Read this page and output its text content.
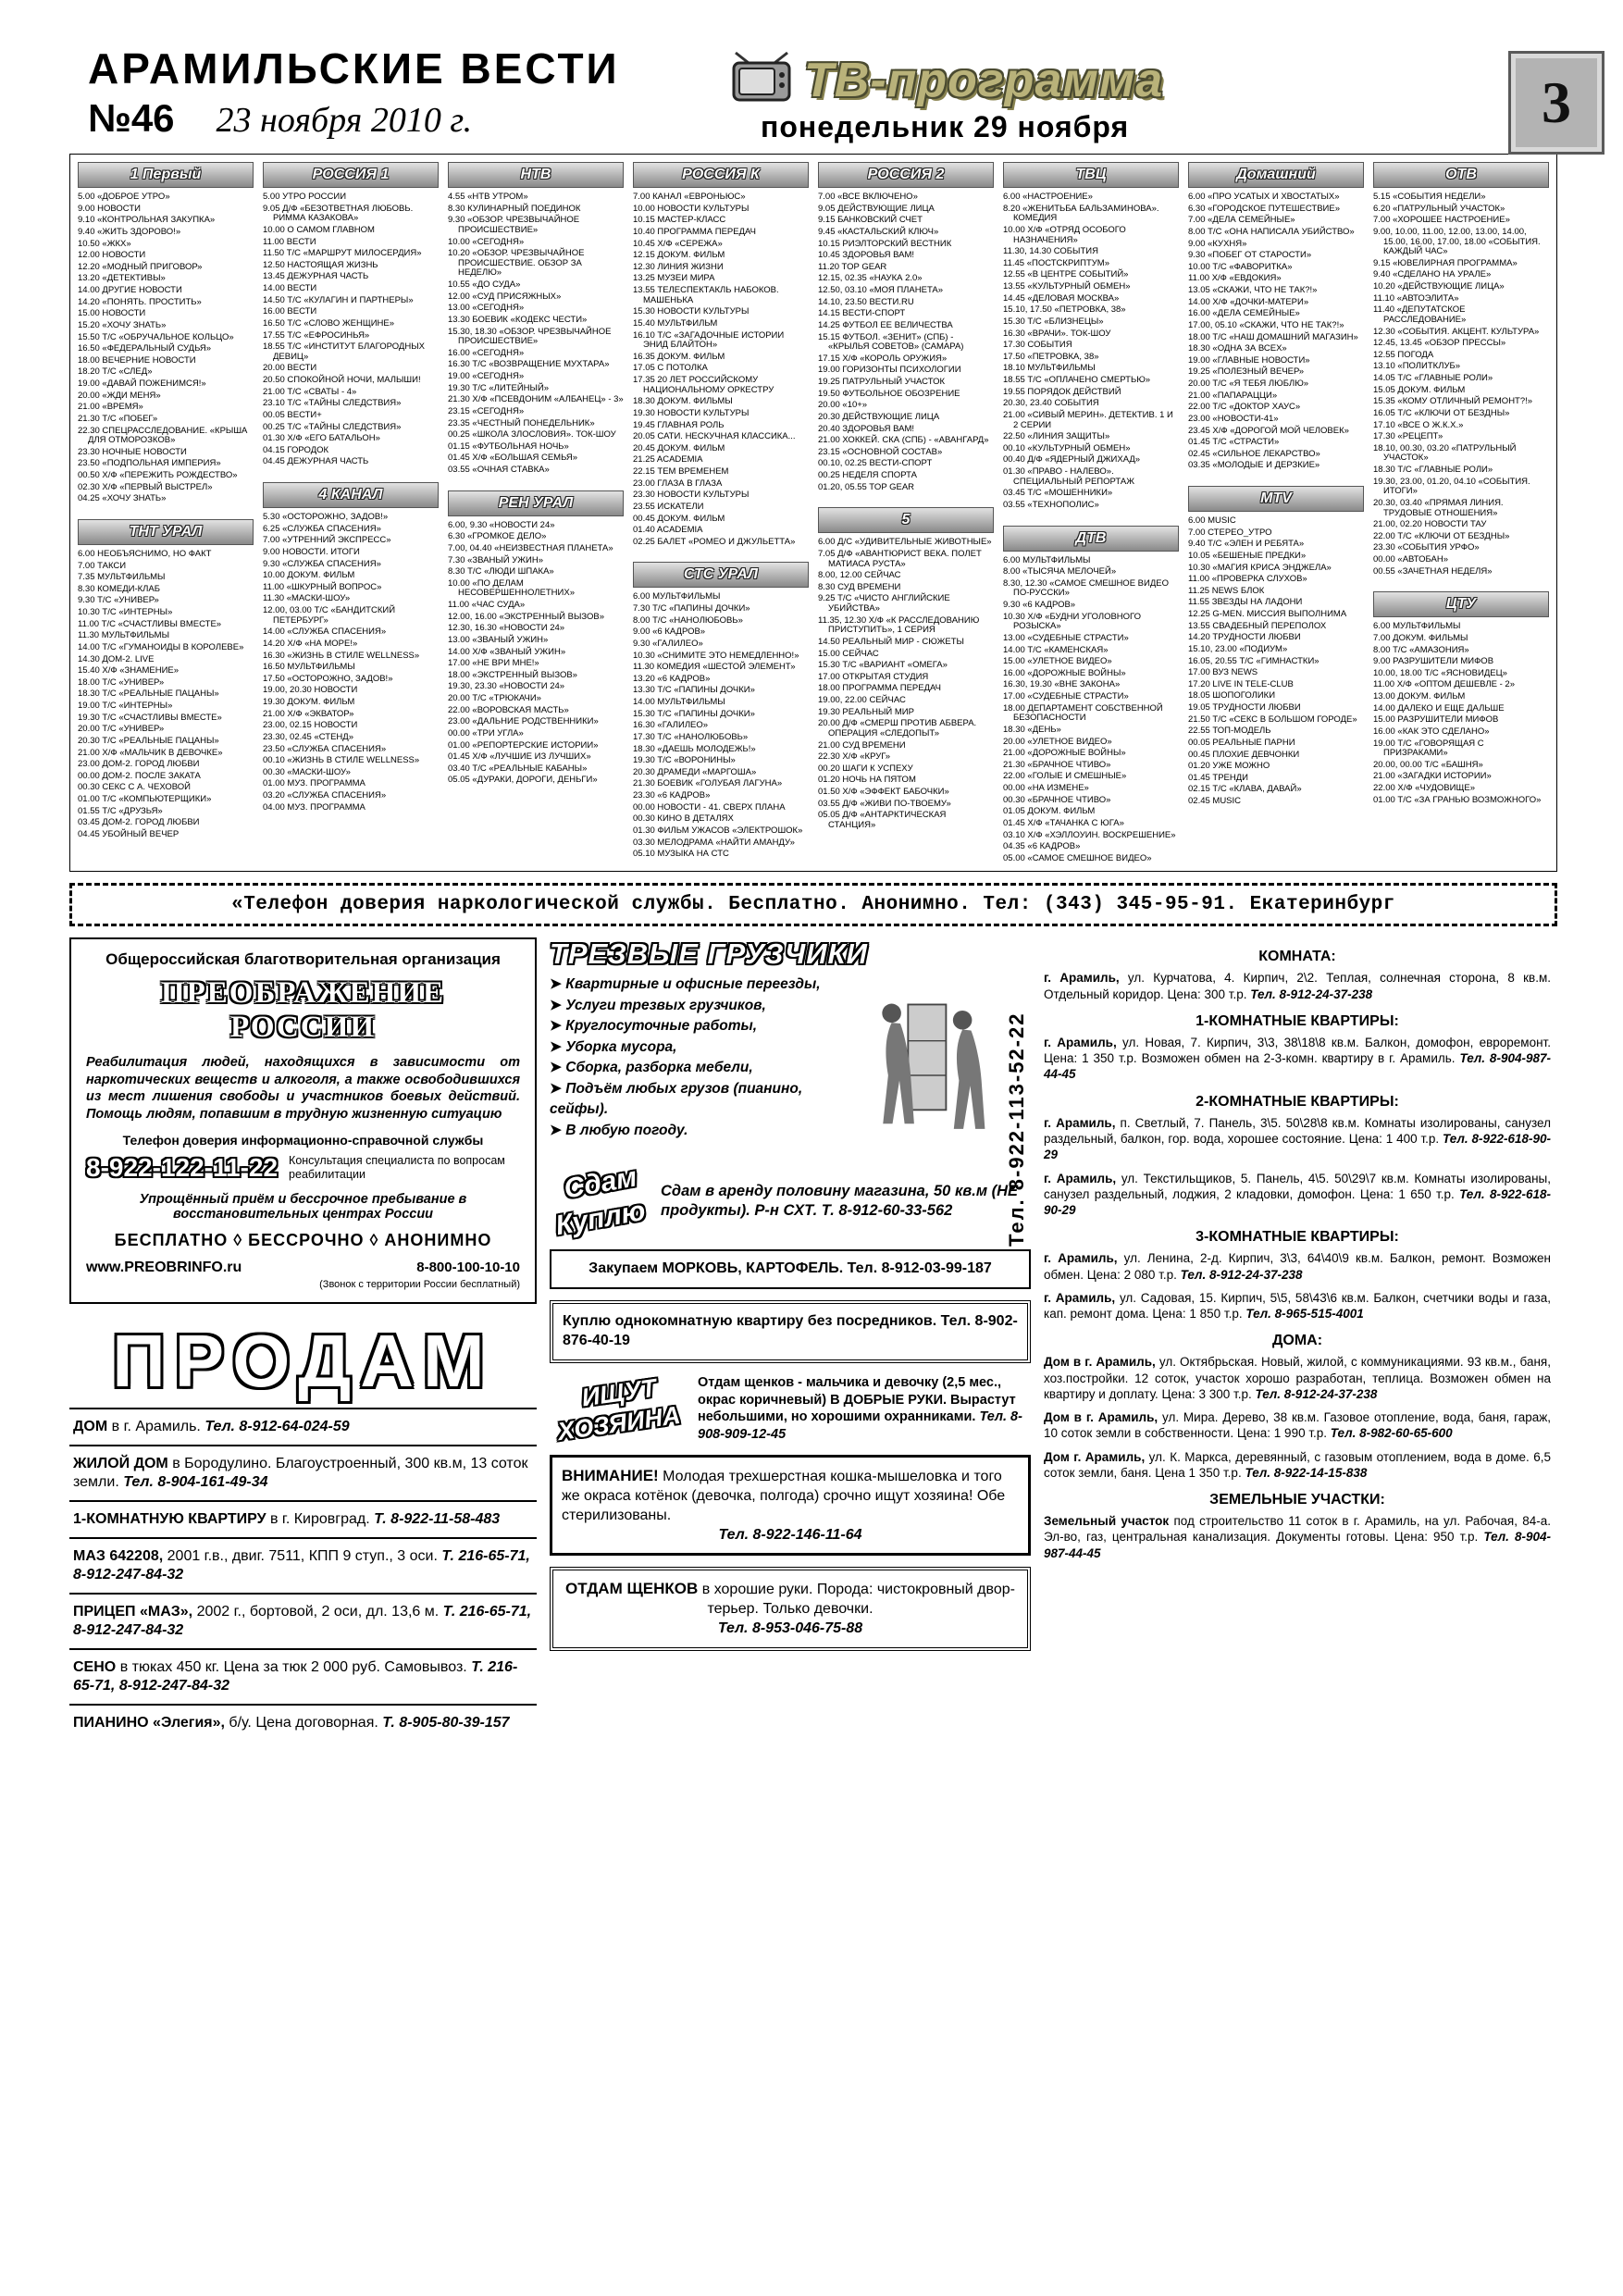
АРАМИЛЬСКИЕ ВЕСТИ
№46 23 ноября 2010 г.
ТВ-программа
понедельник 29 ноября	3
1 Первый
5.00 «ДОБРОЕ УТРО»
9.00 НОВОСТИ
9.10 «КОНТРОЛЬНАЯ ЗАКУПКА»
9.40 «ЖИТЬ ЗДОРОВО!»
10.50 «ЖКХ»
12.00 НОВОСТИ
12.20 «МОДНЫЙ ПРИГОВОР»
13.20 «ДЕТЕКТИВЫ»
14.00 ДРУГИЕ НОВОСТИ
14.20 «ПОНЯТЬ. ПРОСТИТЬ»
15.00 НОВОСТИ
15.20 «ХОЧУ ЗНАТЬ»
15.50 Т/С «ОБРУЧАЛЬНОЕ КОЛЬЦО»
16.50 «ФЕДЕРАЛЬНЫЙ СУДЬЯ»
18.00 ВЕЧЕРНИЕ НОВОСТИ
18.20 Т/С «СЛЕД»
19.00 «ДАВАЙ ПОЖЕНИМСЯ!»
20.00 «ЖДИ МЕНЯ»
21.00 «ВРЕМЯ»
21.30 Т/С «ПОБЕГ»
22.30 СПЕЦРАССЛЕДОВАНИЕ. «КРЫША ДЛЯ ОТМОРОЗКОВ»
23.30 НОЧНЫЕ НОВОСТИ
23.50 «ПОДПОЛЬНАЯ ИМПЕРИЯ»
00.50 Х/Ф «ПЕРЕЖИТЬ РОЖДЕСТВО»
02.30 Х/Ф «ПЕРВЫЙ ВЫСТРЕЛ»
04.25 «ХОЧУ ЗНАТЬ»
ТНТ УРАЛ
6.00 НЕОБЪЯСНИМО, НО ФАКТ
7.00 ТАКСИ
7.35 МУЛЬТФИЛЬМЫ
8.30 КОМЕДИ-КЛАБ
9.30 Т/С «УНИВЕР»
10.30 Т/С «ИНТЕРНЫ»
11.00 Т/С «СЧАСТЛИВЫ ВМЕСТЕ»
11.30 МУЛЬТФИЛЬМЫ
14.00 Т/С «ГУМАНОИДЫ В КОРОЛЕВЕ»
14.30 ДОМ-2. LIVE
15.40 Х/Ф «ЗНАМЕНИЕ»
18.00 Т/С «УНИВЕР»
18.30 Т/С «РЕАЛЬНЫЕ ПАЦАНЫ»
19.00 Т/С «ИНТЕРНЫ»
19.30 Т/С «СЧАСТЛИВЫ ВМЕСТЕ»
20.00 Т/С «УНИВЕР»
20.30 Т/С «РЕАЛЬНЫЕ ПАЦАНЫ»
21.00 Х/Ф «МАЛЬЧИК В ДЕВОЧКЕ»
23.00 ДОМ-2. ГОРОД ЛЮБВИ
00.00 ДОМ-2. ПОСЛЕ ЗАКАТА
00.30 СЕКС С А. ЧЕХОВОЙ
01.00 Т/С «КОМПЬЮТЕРЩИКИ»
01.55 Т/С «ДРУЗЬЯ»
03.45 ДОМ-2. ГОРОД ЛЮБВИ
04.45 УБОЙНЫЙ ВЕЧЕР
РОССИЯ 1
5.00 УТРО РОССИИ
9.05 Д/Ф «БЕЗОТВЕТНАЯ ЛЮБОВЬ. РИММА КАЗАКОВА»
10.00 О САМОМ ГЛАВНОМ
11.00 ВЕСТИ
11.50 Т/С «МАРШРУТ МИЛОСЕРДИЯ»
12.50 НАСТОЯЩАЯ ЖИЗНЬ
13.45 ДЕЖУРНАЯ ЧАСТЬ
14.00 ВЕСТИ
14.50 Т/С «КУЛАГИН И ПАРТНЕРЫ»
16.00 ВЕСТИ
16.50 Т/С «СЛОВО ЖЕНЩИНЕ»
17.55 Т/С «ЕФРОСИНЬЯ»
18.55 Т/С «ИНСТИТУТ БЛАГОРОДНЫХ ДЕВИЦ»
20.00 ВЕСТИ
20.50 СПОКОЙНОЙ НОЧИ, МАЛЫШИ!
21.00 Т/С «СВАТЫ - 4»
23.10 Т/С «ТАЙНЫ СЛЕДСТВИЯ»
00.05 ВЕСТИ+
00.25 Т/С «ТАЙНЫ СЛЕДСТВИЯ»
01.30 Х/Ф «ЕГО БАТАЛЬОН»
04.15 ГОРОДОК
04.45 ДЕЖУРНАЯ ЧАСТЬ
4 КАНАЛ
5.30 «ОСТОРОЖНО, ЗАДОВ!»
6.25 «СЛУЖБА СПАСЕНИЯ»
7.00 «УТРЕННИЙ ЭКСПРЕСС»
9.00 НОВОСТИ. ИТОГИ
9.30 «СЛУЖБА СПАСЕНИЯ»
10.00 ДОКУМ. ФИЛЬМ
11.00 «ШКУРНЫЙ ВОПРОС»
11.30 «МАСКИ-ШОУ»
12.00, 03.00 Т/С «БАНДИТСКИЙ ПЕТЕРБУРГ»
14.00 «СЛУЖБА СПАСЕНИЯ»
14.20 Х/Ф «НА МОРЕ!»
16.30 «ЖИЗНЬ В СТИЛЕ WELLNESS»
16.50 МУЛЬТФИЛЬМЫ
17.50 «ОСТОРОЖНО, ЗАДОВ!»
19.00, 20.30 НОВОСТИ
19.30 ДОКУМ. ФИЛЬМ
21.00 Х/Ф «ЭКВАТОР»
23.00, 02.15 НОВОСТИ
23.30, 02.45 «СТЕНД»
23.50 «СЛУЖБА СПАСЕНИЯ»
00.10 «ЖИЗНЬ В СТИЛЕ WELLNESS»
00.30 «МАСКИ-ШОУ»
01.00 МУЗ. ПРОГРАММА
03.20 «СЛУЖБА СПАСЕНИЯ»
04.00 МУЗ. ПРОГРАММА
НТВ
4.55 «НТВ УТРОМ»
8.30 КУЛИНАРНЫЙ ПОЕДИНОК
9.30 «ОБЗОР. ЧРЕЗВЫЧАЙНОЕ ПРОИСШЕСТВИЕ»
10.00 «СЕГОДНЯ»
10.20 «ОБЗОР. ЧРЕЗВЫЧАЙНОЕ ПРОИСШЕСТВИЕ. ОБЗОР ЗА НЕДЕЛЮ»
10.55 «ДО СУДА»
12.00 «СУД ПРИСЯЖНЫХ»
13.00 «СЕГОДНЯ»
13.30 БОЕВИК «КОДЕКС ЧЕСТИ»
15.30, 18.30 «ОБЗОР. ЧРЕЗВЫЧАЙНОЕ ПРОИСШЕСТВИЕ»
16.00 «СЕГОДНЯ»
16.30 Т/С «ВОЗВРАЩЕНИЕ МУХТАРА»
19.00 «СЕГОДНЯ»
19.30 Т/С «ЛИТЕЙНЫЙ»
21.30 Х/Ф «ПСЕВДОНИМ «АЛБАНЕЦ» - 3»
23.15 «СЕГОДНЯ»
23.35 «ЧЕСТНЫЙ ПОНЕДЕЛЬНИК»
00.25 «ШКОЛА ЗЛОСЛОВИЯ». ТОК-ШОУ
01.15 «ФУТБОЛЬНАЯ НОЧЬ»
01.45 Х/Ф «БОЛЬШАЯ СЕМЬЯ»
03.55 «ОЧНАЯ СТАВКА»
РЕН УРАЛ
6.00, 9.30 «НОВОСТИ 24»
6.30 «ГРОМКОЕ ДЕЛО»
7.00, 04.40 «НЕИЗВЕСТНАЯ ПЛАНЕТА»
7.30 «ЗВАНЫЙ УЖИН»
8.30 Т/С «ЛЮДИ ШПАКА»
10.00 «ПО ДЕЛАМ НЕСОВЕРШЕННОЛЕТНИХ»
11.00 «ЧАС СУДА»
12.00, 16.00 «ЭКСТРЕННЫЙ ВЫЗОВ»
12.30, 16.30 «НОВОСТИ 24»
13.00 «ЗВАНЫЙ УЖИН»
14.00 Х/Ф «ЗВАНЫЙ УЖИН»
17.00 «НЕ ВРИ МНЕ!»
18.00 «ЭКСТРЕННЫЙ ВЫЗОВ»
19.30, 23.30 «НОВОСТИ 24»
20.00 Т/С «ТРЮКАЧИ»
22.00 «ВОРОВСКАЯ МАСТЬ»
23.00 «ДАЛЬНИЕ РОДСТВЕННИКИ»
00.00 «ТРИ УГЛА»
01.00 «РЕПОРТЕРСКИЕ ИСТОРИИ»
01.45 Х/Ф «ЛУЧШИЕ ИЗ ЛУЧШИХ»
03.40 Т/С «РЕАЛЬНЫЕ КАБАНЫ»
05.05 «ДУРАКИ, ДОРОГИ, ДЕНЬГИ»
РОССИЯ К
7.00 КАНАЛ «ЕВРОНЬЮС»
10.00 НОВОСТИ КУЛЬТУРЫ
10.15 МАСТЕР-КЛАСС
10.40 ПРОГРАММА ПЕРЕДАЧ
10.45 Х/Ф «СЕРЕЖА»
12.15 ДОКУМ. ФИЛЬМ
12.30 ЛИНИЯ ЖИЗНИ
13.25 МУЗЕИ МИРА
13.55 ТЕЛЕСПЕКТАКЛЬ НАБОКОВ. МАШЕНЬКА
15.30 НОВОСТИ КУЛЬТУРЫ
15.40 МУЛЬТФИЛЬМ
16.10 Т/С «ЗАГАДОЧНЫЕ ИСТОРИИ ЭНИД БЛАЙТОН»
16.35 ДОКУМ. ФИЛЬМ
17.05 С ПОТОЛКА
17.35 20 ЛЕТ РОССИЙСКОМУ НАЦИОНАЛЬНОМУ ОРКЕСТРУ
18.30 ДОКУМ. ФИЛЬМЫ
19.30 НОВОСТИ КУЛЬТУРЫ
19.45 ГЛАВНАЯ РОЛЬ
20.05 САТИ. НЕСКУЧНАЯ КЛАССИКА...
20.45 ДОКУМ. ФИЛЬМ
21.25 ACADEMIA
22.15 ТЕМ ВРЕМЕНЕМ
23.00 ГЛАЗА В ГЛАЗА
23.30 НОВОСТИ КУЛЬТУРЫ
23.55 ИСКАТЕЛИ
00.45 ДОКУМ. ФИЛЬМ
01.40 ACADEMIA
02.25 БАЛЕТ «РОМЕО И ДЖУЛЬЕТТА»
СТС УРАЛ
6.00 МУЛЬТФИЛЬМЫ
7.30 Т/С «ПАПИНЫ ДОЧКИ»
8.00 Т/С «НАНОЛЮБОВЬ»
9.00 «6 КАДРОВ»
9.30 «ГАЛИЛЕО»
10.30 «СНИМИТЕ ЭТО НЕМЕДЛЕННО!»
11.30 КОМЕДИЯ «ШЕСТОЙ ЭЛЕМЕНТ»
13.20 «6 КАДРОВ»
13.30 Т/С «ПАПИНЫ ДОЧКИ»
14.00 МУЛЬТФИЛЬМЫ
15.30 Т/С «ПАПИНЫ ДОЧКИ»
16.30 «ГАЛИЛЕО»
17.30 Т/С «НАНОЛЮБОВЬ»
18.30 «ДАЕШЬ МОЛОДЕЖЬ!»
19.30 Т/С «ВОРОНИНЫ»
20.30 ДРАМЕДИ «МАРГОША»
21.30 БОЕВИК «ГОЛУБАЯ ЛАГУНА»
23.30 «6 КАДРОВ»
00.00 НОВОСТИ - 41. СВЕРХ ПЛАНА
00.30 КИНО В ДЕТАЛЯХ
01.30 ФИЛЬМ УЖАСОВ «ЭЛЕКТРОШОК»
03.30 МЕЛОДРАМА «НАЙТИ АМАНДУ»
05.10 МУЗЫКА НА СТС
РОССИЯ 2
7.00 «ВСЕ ВКЛЮЧЕНО»
9.05 ДЕЙСТВУЮЩИЕ ЛИЦА
9.15 БАНКОВСКИЙ СЧЕТ
9.45 «КАСТАЛЬСКИЙ КЛЮЧ»
10.15 РИЭЛТОРСКИЙ ВЕСТНИК
10.45 ЗДОРОВЬЯ ВАМ!
11.20 TOP GEAR
12.15, 02.35 «НАУКА 2.0»
12.50, 03.10 «МОЯ ПЛАНЕТА»
14.10, 23.50 ВЕСТИ.RU
14.15 ВЕСТИ-СПОРТ
14.25 ФУТБОЛ ЕЕ ВЕЛИЧЕСТВА
15.15 ФУТБОЛ. «ЗЕНИТ» (СПБ) - «КРЫЛЬЯ СОВЕТОВ» (САМАРА)
17.15 Х/Ф «КОРОЛЬ ОРУЖИЯ»
19.00 ГОРИЗОНТЫ ПСИХОЛОГИИ
19.25 ПАТРУЛЬНЫЙ УЧАСТОК
19.50 ФУТБОЛЬНОЕ ОБОЗРЕНИЕ
20.00 «10+»
20.30 ДЕЙСТВУЮЩИЕ ЛИЦА
20.40 ЗДОРОВЬЯ ВАМ!
21.00 ХОККЕЙ. СКА (СПБ) - «АВАНГАРД»
23.15 «ОСНОВНОЙ СОСТАВ»
00.10, 02.25 ВЕСТИ-СПОРТ
00.25 НЕДЕЛЯ СПОРТА
01.20, 05.55 TOP GEAR
5
6.00 Д/С «УДИВИТЕЛЬНЫЕ ЖИВОТНЫЕ»
7.05 Д/Ф «АВАНТЮРИСТ ВЕКА. ПОЛЕТ МАТИАСА РУСТА»
8.00, 12.00 СЕЙЧАС
8.30 СУД ВРЕМЕНИ
9.25 Т/С «ЧИСТО АНГЛИЙСКИЕ УБИЙСТВА»
11.35, 12.30 Х/Ф «К РАССЛЕДОВАНИЮ ПРИСТУПИТЬ», 1 СЕРИЯ
14.50 РЕАЛЬНЫЙ МИР - СЮЖЕТЫ
15.00 СЕЙЧАС
15.30 Т/С «ВАРИАНТ «ОМЕГА»
17.00 ОТКРЫТАЯ СТУДИЯ
18.00 ПРОГРАММА ПЕРЕДАЧ
19.00, 22.00 СЕЙЧАС
19.30 РЕАЛЬНЫЙ МИР
20.00 Д/Ф «СМЕРШ ПРОТИВ АБВЕРА. ОПЕРАЦИЯ «СЛЕДОПЫТ»
21.00 СУД ВРЕМЕНИ
22.30 Х/Ф «КРУГ»
00.20 ШАГИ К УСПЕХУ
01.20 НОЧЬ НА ПЯТОМ
01.50 Х/Ф «ЭФФЕКТ БАБОЧКИ»
03.55 Д/Ф «ЖИВИ ПО-ТВОЕМУ»
05.05 Д/Ф «АНТАРКТИЧЕСКАЯ СТАНЦИЯ»
ТВЦ
6.00 «НАСТРОЕНИЕ»
8.20 «ЖЕНИТЬБА БАЛЬЗАМИНОВА». КОМЕДИЯ
10.00 Х/Ф «ОТРЯД ОСОБОГО НАЗНАЧЕНИЯ»
11.30, 14.30 СОБЫТИЯ
11.45 «ПОСТСКРИПТУМ»
12.55 «В ЦЕНТРЕ СОБЫТИЙ»
13.55 «КУЛЬТУРНЫЙ ОБМЕН»
14.45 «ДЕЛОВАЯ МОСКВА»
15.10, 17.50 «ПЕТРОВКА, 38»
15.30 Т/С «БЛИЗНЕЦЫ»
16.30 «ВРАЧИ». ТОК-ШОУ
17.30 СОБЫТИЯ
17.50 «ПЕТРОВКА, 38»
18.10 МУЛЬТФИЛЬМЫ
18.55 Т/С «ОПЛАЧЕНО СМЕРТЬЮ»
19.55 ПОРЯДОК ДЕЙСТВИЙ
20.30, 23.40 СОБЫТИЯ
21.00 «СИВЫЙ МЕРИН». ДЕТЕКТИВ. 1 И 2 СЕРИИ
22.50 «ЛИНИЯ ЗАЩИТЫ»
00.10 «КУЛЬТУРНЫЙ ОБМЕН»
00.40 Д/Ф «ЯДЕРНЫЙ ДЖИХАД»
01.30 «ПРАВО - НАЛЕВО». СПЕЦИАЛЬНЫЙ РЕПОРТАЖ
03.45 Т/С «МОШЕННИКИ»
03.55 «ТЕХНОПОЛИС»
ДТВ
6.00 МУЛЬТФИЛЬМЫ
8.00 «ТЫСЯЧА МЕЛОЧЕЙ»
8.30, 12.30 «САМОЕ СМЕШНОЕ ВИДЕО ПО-РУССКИ»
9.30 «6 КАДРОВ»
10.30 Х/Ф «БУДНИ УГОЛОВНОГО РОЗЫСКА»
13.00 «СУДЕБНЫЕ СТРАСТИ»
14.00 Т/С «КАМЕНСКАЯ»
15.00 «УЛЕТНОЕ ВИДЕО»
16.00 «ДОРОЖНЫЕ ВОЙНЫ»
16.30, 19.30 «ВНЕ ЗАКОНА»
17.00 «СУДЕБНЫЕ СТРАСТИ»
18.00 ДЕПАРТАМЕНТ СОБСТВЕННОЙ БЕЗОПАСНОСТИ
18.30 «ДЕНЬ»
20.00 «УЛЕТНОЕ ВИДЕО»
21.00 «ДОРОЖНЫЕ ВОЙНЫ»
21.30 «БРАЧНОЕ ЧТИВО»
22.00 «ГОЛЫЕ И СМЕШНЫЕ»
00.00 «НА ИЗМЕНЕ»
00.30 «БРАЧНОЕ ЧТИВО»
01.05 ДОКУМ. ФИЛЬМ
01.45 Х/Ф «ТАЧАНКА С ЮГА»
03.10 Х/Ф «ХЭЛЛОУИН. ВОСКРЕШЕНИЕ»
04.35 «6 КАДРОВ»
05.00 «САМОЕ СМЕШНОЕ ВИДЕО»
Домашний
6.00 «ПРО УСАТЫХ И ХВОСТАТЫХ»
6.30 «ГОРОДСКОЕ ПУТЕШЕСТВИЕ»
7.00 «ДЕЛА СЕМЕЙНЫЕ»
8.00 Т/С «ОНА НАПИСАЛА УБИЙСТВО»
9.00 «КУХНЯ»
9.30 «ПОБЕГ ОТ СТАРОСТИ»
10.00 Т/С «ФАВОРИТКА»
11.00 Х/Ф «ЕВДОКИЯ»
13.05 «СКАЖИ, ЧТО НЕ ТАК?!»
14.00 Х/Ф «ДОЧКИ-МАТЕРИ»
16.00 «ДЕЛА СЕМЕЙНЫЕ»
17.00, 05.10 «СКАЖИ, ЧТО НЕ ТАК?!»
18.00 Т/С «НАШ ДОМАШНИЙ МАГАЗИН»
18.30 «ОДНА ЗА ВСЕХ»
19.00 «ГЛАВНЫЕ НОВОСТИ»
19.25 «ПОЛЕЗНЫЙ ВЕЧЕР»
20.00 Т/С «Я ТЕБЯ ЛЮБЛЮ»
21.00 «ПАПАРАЦЦИ»
22.00 Т/С «ДОКТОР ХАУС»
23.00 «НОВОСТИ-41»
23.45 Х/Ф «ДОРОГОЙ МОЙ ЧЕЛОВЕК»
01.45 Т/С «СТРАСТИ»
02.45 «СИЛЬНОЕ ЛЕКАРСТВО»
03.35 «МОЛОДЫЕ И ДЕРЗКИЕ»
MTV
6.00 MUSIC
7.00 СТЕРЕО_УТРО
9.40 Т/С «ЭЛЕН И РЕБЯТА»
10.05 «БЕШЕНЫЕ ПРЕДКИ»
10.30 «МАГИЯ КРИСА ЭНДЖЕЛА»
11.00 «ПРОВЕРКА СЛУХОВ»
11.25 NEWS БЛОК
11.55 ЗВЕЗДЫ НА ЛАДОНИ
12.25 G-MEN. МИССИЯ ВЫПОЛНИМА
13.55 СВАДЕБНЫЙ ПЕРЕПОЛОХ
14.20 ТРУДНОСТИ ЛЮБВИ
15.10, 23.00 «ПОДИУМ»
16.05, 20.55 Т/С «ГИМНАСТКИ»
17.00 ВУЗ NEWS
17.20 LIVE IN TELE-CLUB
18.05 ШОПОГОЛИКИ
19.05 ТРУДНОСТИ ЛЮБВИ
21.50 Т/С «СЕКС В БОЛЬШОМ ГОРОДЕ»
22.55 ТОП-МОДЕЛЬ
00.05 РЕАЛЬНЫЕ ПАРНИ
00.45 ПЛОХИЕ ДЕВЧОНКИ
01.20 УЖЕ МОЖНО
01.45 ТРЕНДИ
02.15 Т/С «КЛАВА, ДАВАЙ»
02.45 MUSIC
ОТВ
5.15 «СОБЫТИЯ НЕДЕЛИ»
6.20 «ПАТРУЛЬНЫЙ УЧАСТОК»
7.00 «ХОРОШЕЕ НАСТРОЕНИЕ»
9.00, 10.00, 11.00, 12.00, 13.00, 14.00, 15.00, 16.00, 17.00, 18.00 «СОБЫТИЯ. КАЖДЫЙ ЧАС»
9.15 «ЮВЕЛИРНАЯ ПРОГРАММА»
9.40 «СДЕЛАНО НА УРАЛЕ»
10.20 «ДЕЙСТВУЮЩИЕ ЛИЦА»
11.10 «АВТОЭЛИТА»
11.40 «ДЕПУТАТСКОЕ РАССЛЕДОВАНИЕ»
12.30 «СОБЫТИЯ. АКЦЕНТ. КУЛЬТУРА»
12.45, 13.45 «ОБЗОР ПРЕССЫ»
12.55 ПОГОДА
13.10 «ПОЛИТКЛУБ»
14.05 Т/С «ГЛАВНЫЕ РОЛИ»
15.05 ДОКУМ. ФИЛЬМ
15.35 «КОМУ ОТЛИЧНЫЙ РЕМОНТ?!»
16.05 Т/С «КЛЮЧИ ОТ БЕЗДНЫ»
17.10 «ВСЕ О Ж.К.Х.»
17.30 «РЕЦЕПТ»
18.10, 00.30, 03.20 «ПАТРУЛЬНЫЙ УЧАСТОК»
18.30 Т/С «ГЛАВНЫЕ РОЛИ»
19.30, 23.00, 01.20, 04.10 «СОБЫТИЯ. ИТОГИ»
20.30, 03.40 «ПРЯМАЯ ЛИНИЯ. ТРУДОВЫЕ ОТНОШЕНИЯ»
21.00, 02.20 НОВОСТИ ТАУ
22.00 Т/С «КЛЮЧИ ОТ БЕЗДНЫ»
23.30 «СОБЫТИЯ УРФО»
00.00 «АВТОБАН»
00.55 «ЗАЧЕТНАЯ НЕДЕЛЯ»
ЦТУ
6.00 МУЛЬТФИЛЬМЫ
7.00 ДОКУМ. ФИЛЬМЫ
8.00 Т/С «АМАЗОНИЯ»
9.00 РАЗРУШИТЕЛИ МИФОВ
10.00, 18.00 Т/С «ЯСНОВИДЕЦ»
11.00 Х/Ф «ОПТОМ ДЕШЕВЛЕ - 2»
13.00 ДОКУМ. ФИЛЬМ
14.00 ДАЛЕКО И ЕЩЕ ДАЛЬШЕ
15.00 РАЗРУШИТЕЛИ МИФОВ
16.00 «КАК ЭТО СДЕЛАНО»
19.00 Т/С «ГОВОРЯЩАЯ С ПРИЗРАКАМИ»
20.00, 00.00 Т/С «БАШНЯ»
21.00 «ЗАГАДКИ ИСТОРИИ»
22.00 Х/Ф «ЧУДОВИЩЕ»
01.00 Т/С «ЗА ГРАНЬЮ ВОЗМОЖНОГО»
«Телефон доверия наркологической службы. Бесплатно. Анонимно. Тел: (343) 345-95-91. Екатеринбург
Общероссийская благотворительная организация
ПРЕОБРАЖЕНИЕ РОССИИ
Реабилитация людей, находящихся в зависимости от наркотических веществ и алкоголя, а также освободившихся из мест лишения свободы и участников боевых действий. Помощь людям, попавшим в трудную жизненную ситуацию
Телефон доверия информационно-справочной службы
8-922-122-11-22 Консультация специалиста по вопросам реабилитации
Упрощённый приём и бессрочное пребывание в восстановительных центрах России
БЕСПЛАТНО ◊ БЕССРОЧНО ◊ АНОНИМНО
www.PREOBRINFO.ru	8-800-100-10-10
(Звонок с территории России бесплатный)
ПРОДАМ
ДОМ в г. Арамиль. Тел. 8-912-64-024-59
ЖИЛОЙ ДОМ в Бородулино. Благоустроенный, 300 кв.м, 13 соток земли. Тел. 8-904-161-49-34
1-КОМНАТНУЮ КВАРТИРУ в г. Кировград. Т. 8-922-11-58-483
МАЗ 642208, 2001 г.в., двиг. 7511, КПП 9 ступ., 3 оси. Т. 216-65-71, 8-912-247-84-32
ПРИЦЕП «МАЗ», 2002 г., бортовой, 2 оси, дл. 13,6 м. Т. 216-65-71, 8-912-247-84-32
СЕНО в тюках 450 кг. Цена за тюк 2 000 руб. Самовывоз. Т. 216-65-71, 8-912-247-84-32
ПИАНИНО «Элегия», б/у. Цена договорная. Т. 8-905-80-39-157
ТРЕЗВЫЕ ГРУЗЧИКИ
➤ Квартирные и офисные переезды,
➤ Услуги трезвых грузчиков,
➤ Круглосуточные работы,
➤ Уборка мусора,
➤ Сборка, разборка мебели,
➤ Подъём любых грузов (пианино, сейфы).
➤ В любую погоду.	Тел. 8-922-113-52-22
Сдам
Куплю
Сдам в аренду половину магазина, 50 кв.м (НЕ продукты). Р-н СХТ. Т. 8-912-60-33-562
Закупаем МОРКОВЬ, КАРТОФЕЛЬ. Тел. 8-912-03-99-187
Куплю однокомнатную квартиру без посредников. Тел. 8-902-876-40-19
ИЩУТ
ХОЗЯИНА
Отдам щенков - мальчика и девочку (2,5 мес., окрас коричневый) В ДОБРЫЕ РУКИ. Вырастут небольшими, но хорошими охранниками. Тел. 8-908-909-12-45
ВНИМАНИЕ! Молодая трехшерстная кошка-мышеловка и того же окраса котёнок (девочка, полгода) срочно ищут хозяина! Обе стерилизованы.
Тел. 8-922-146-11-64
ОТДАМ ЩЕНКОВ в хорошие руки. Порода: чистокровный двор-терьер. Только девочки.
Тел. 8-953-046-75-88
КОМНАТА:
г. Арамиль, ул. Курчатова, 4. Кирпич, 2\2. Теплая, солнечная сторона, 8 кв.м. Отдельный коридор. Цена: 300 т.р. Тел. 8-912-24-37-238
1-КОМНАТНЫЕ КВАРТИРЫ:
г. Арамиль, ул. Новая, 7. Кирпич, 3\3, 38\18\8 кв.м. Балкон, домофон, евроремонт. Цена: 1 350 т.р. Возможен обмен на 2-3-комн. квартиру в г. Арамиль. Тел. 8-904-987-44-45
2-КОМНАТНЫЕ КВАРТИРЫ:
г. Арамиль, п. Светлый, 7. Панель, 3\5. 50\28\8 кв.м. Комнаты изолированы, санузел раздельный, балкон, гор. вода, хорошее состояние. Цена: 1 400 т.р. Тел. 8-922-618-90-29
г. Арамиль, ул. Текстильщиков, 5. Панель, 4\5. 50\29\7 кв.м. Комнаты изолированы, санузел раздельный, лоджия, 2 кладовки, домофон. Цена: 1 650 т.р. Тел. 8-922-618-90-29
3-КОМНАТНЫЕ КВАРТИРЫ:
г. Арамиль, ул. Ленина, 2-д. Кирпич, 3\3, 64\40\9 кв.м. Балкон, ремонт. Возможен обмен. Цена: 2 080 т.р. Тел. 8-912-24-37-238
г. Арамиль, ул. Садовая, 15. Кирпич, 5\5, 58\43\6 кв.м. Балкон, счетчики воды и газа, кап. ремонт дома. Цена: 1 850 т.р. Тел. 8-965-515-4001
ДОМА:
Дом в г. Арамиль, ул. Октябрьская. Новый, жилой, с коммуникациями. 93 кв.м., баня, хоз.постройки. 12 соток, участок хорошо разработан, теплица. Возможен обмен на квартиру и доплату. Цена: 3 300 т.р. Тел. 8-912-24-37-238
Дом в г. Арамиль, ул. Мира. Дерево, 38 кв.м. Газовое отопление, вода, баня, гараж, 10 соток земли в собственности. Цена: 1 990 т.р. Тел. 8-982-60-65-600
Дом г. Арамиль, ул. К. Маркса, деревянный, с газовым отоплением, вода в доме. 6,5 соток земли, баня. Цена 1 350 т.р. Тел. 8-922-14-15-838
ЗЕМЕЛЬНЫЕ УЧАСТКИ:
Земельный участок под строительство 11 соток в г. Арамиль, на ул. Рабочая, 84-а. Эл-во, газ, центральная канализация. Документы готовы. Цена: 950 т.р. Тел. 8-904-987-44-45
